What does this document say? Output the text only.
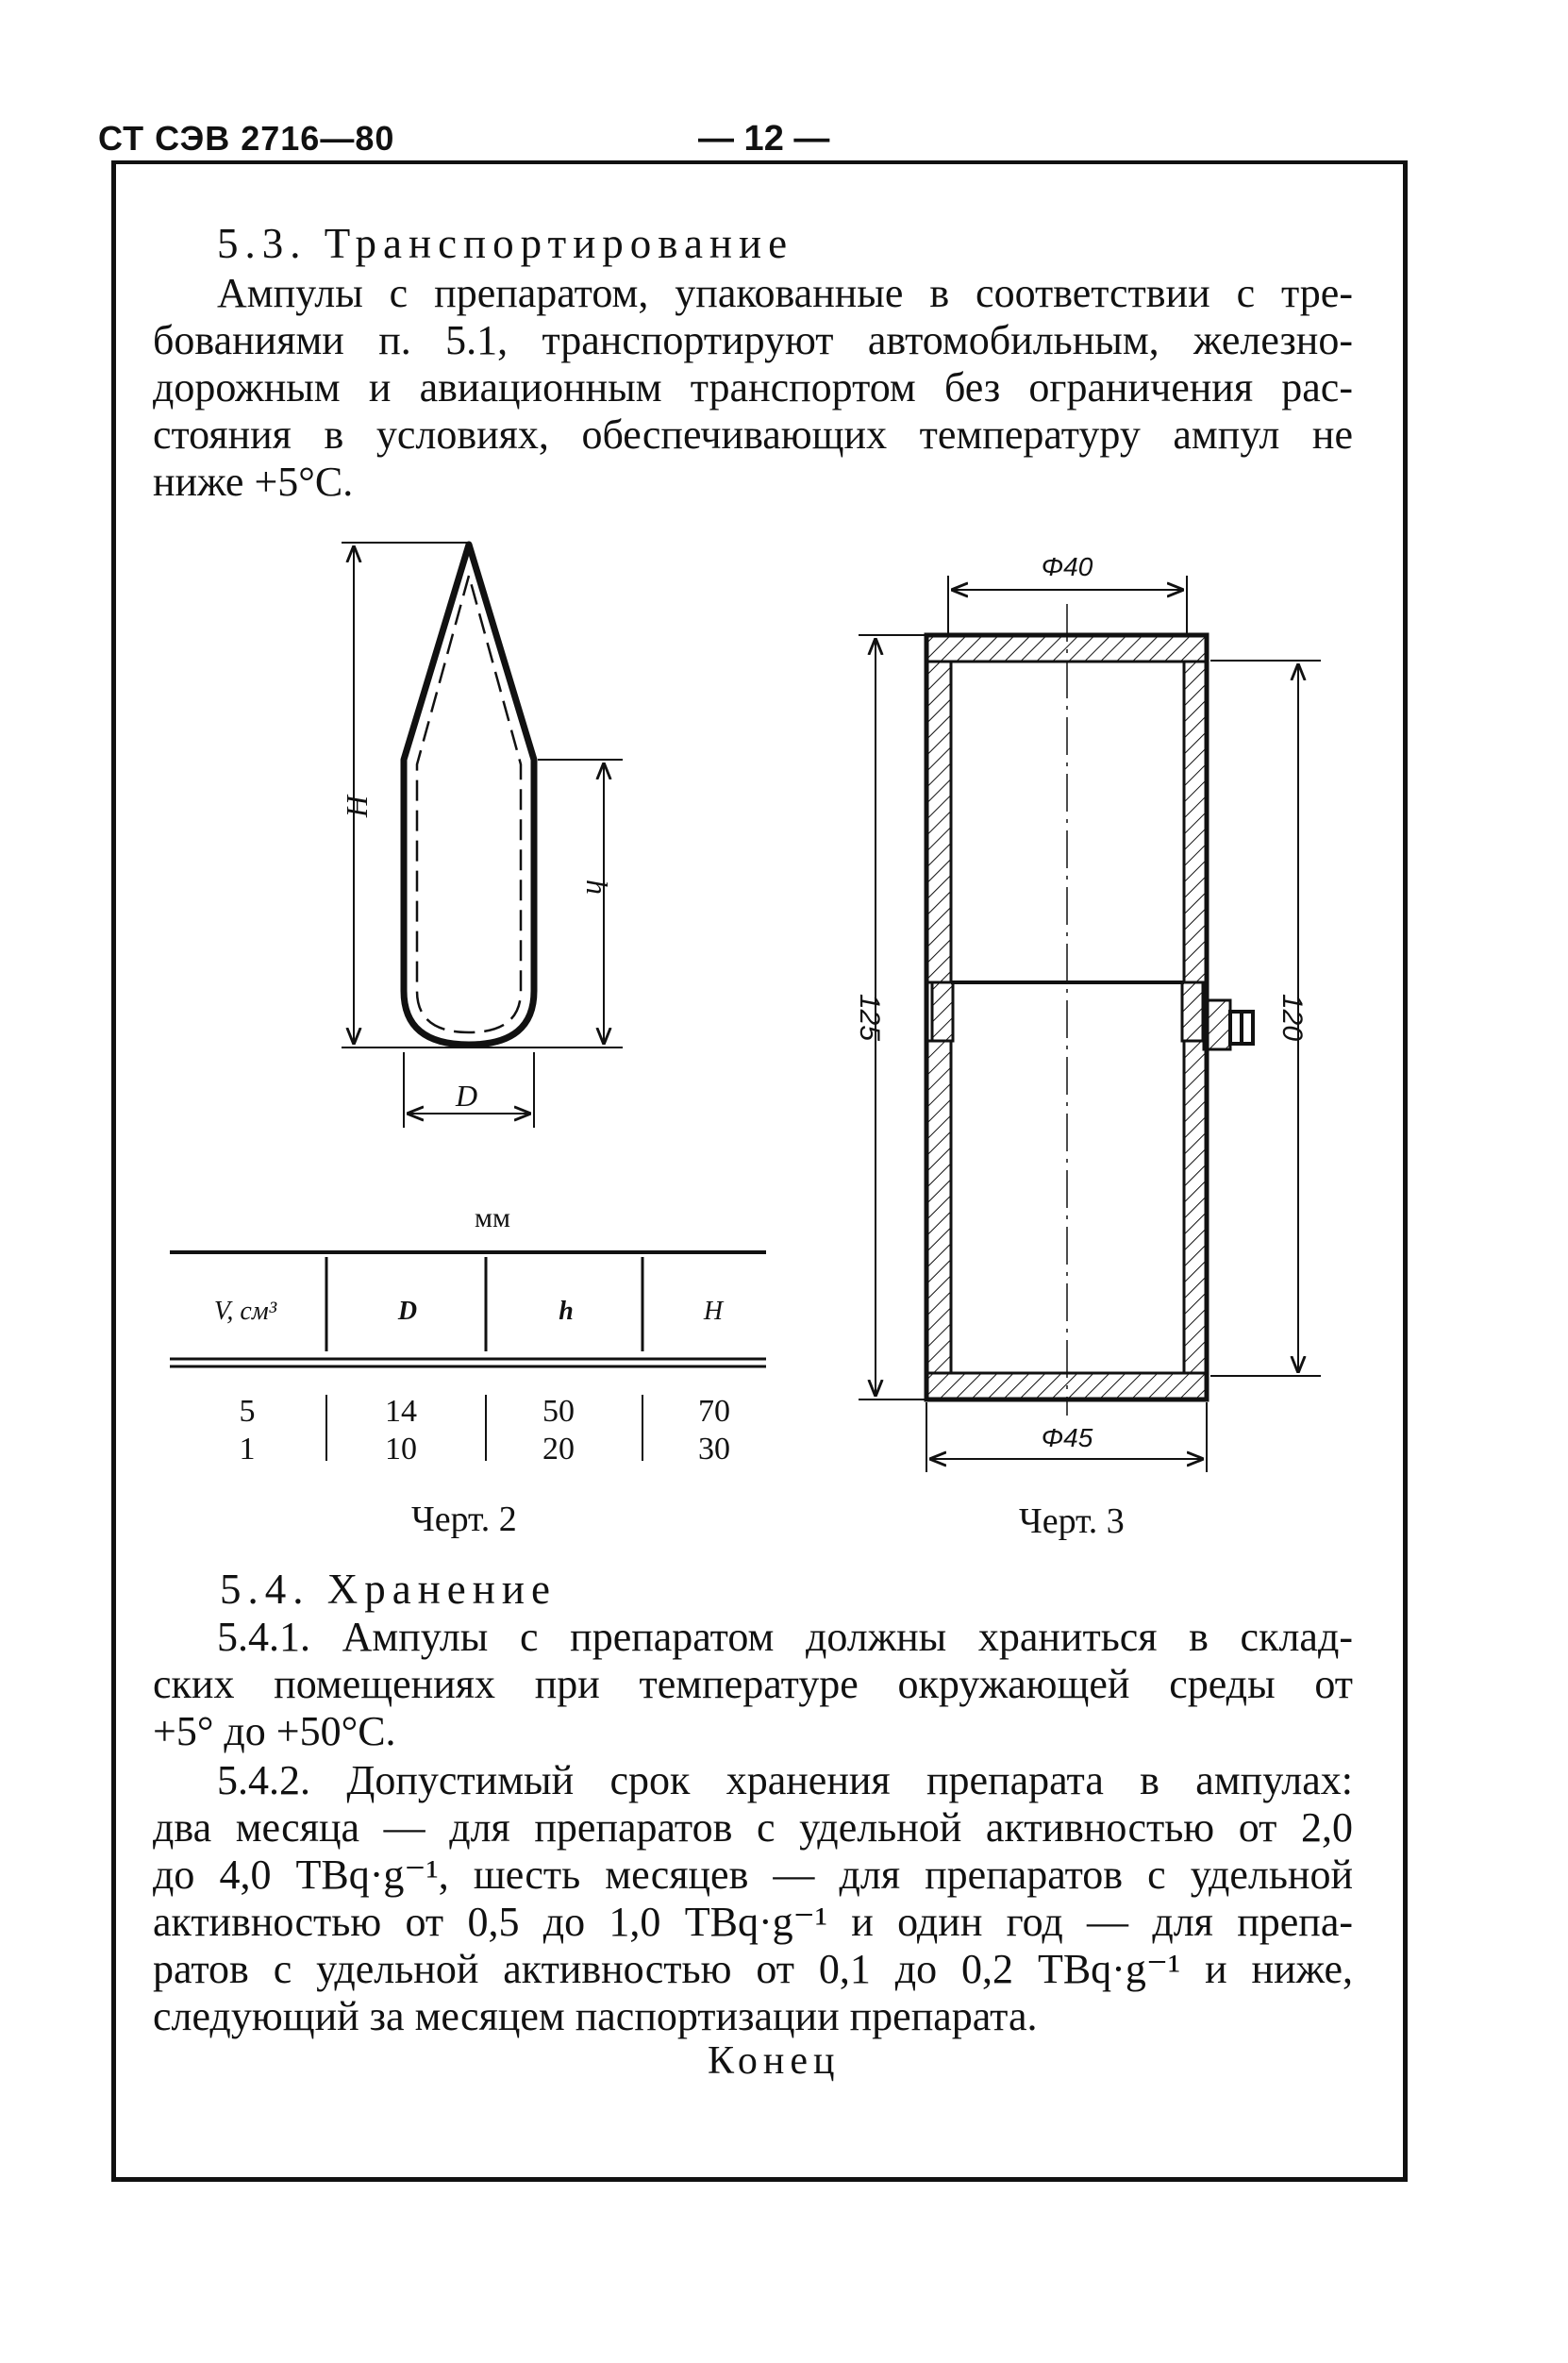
СТ СЭВ 2716—80	— 12 —
5.3. Транспортирование
Ампулы с препаратом, упакованные в соответствии с тре-
бованиями п. 5.1, транспортируют автомобильным, железно-
дорожным и авиационным транспортом без ограничения рас-
стояния в условиях, обеспечивающих температуру ампул не
ниже +5°С.
H
h
D
мм
V, см³	D	h	H
5	14	50	70
1	10	20	30
Φ40
Φ45
125	120
Черт. 2	Черт. 3
5.4. Хранение
5.4.1. Ампулы с препаратом должны храниться в склад-
ских помещениях при температуре окружающей среды от
+5° до +50°С.
5.4.2. Допустимый срок хранения препарата в ампулах:
два месяца — для препаратов с удельной активностью от 2,0
до 4,0 TBq·g⁻¹, шесть месяцев — для препаратов с удельной
активностью от 0,5 до 1,0 TBq·g⁻¹ и один год — для препа-
ратов с удельной активностью от 0,1 до 0,2 TBq·g⁻¹ и ниже,
следующий за месяцем паспортизации препарата.
Конец
